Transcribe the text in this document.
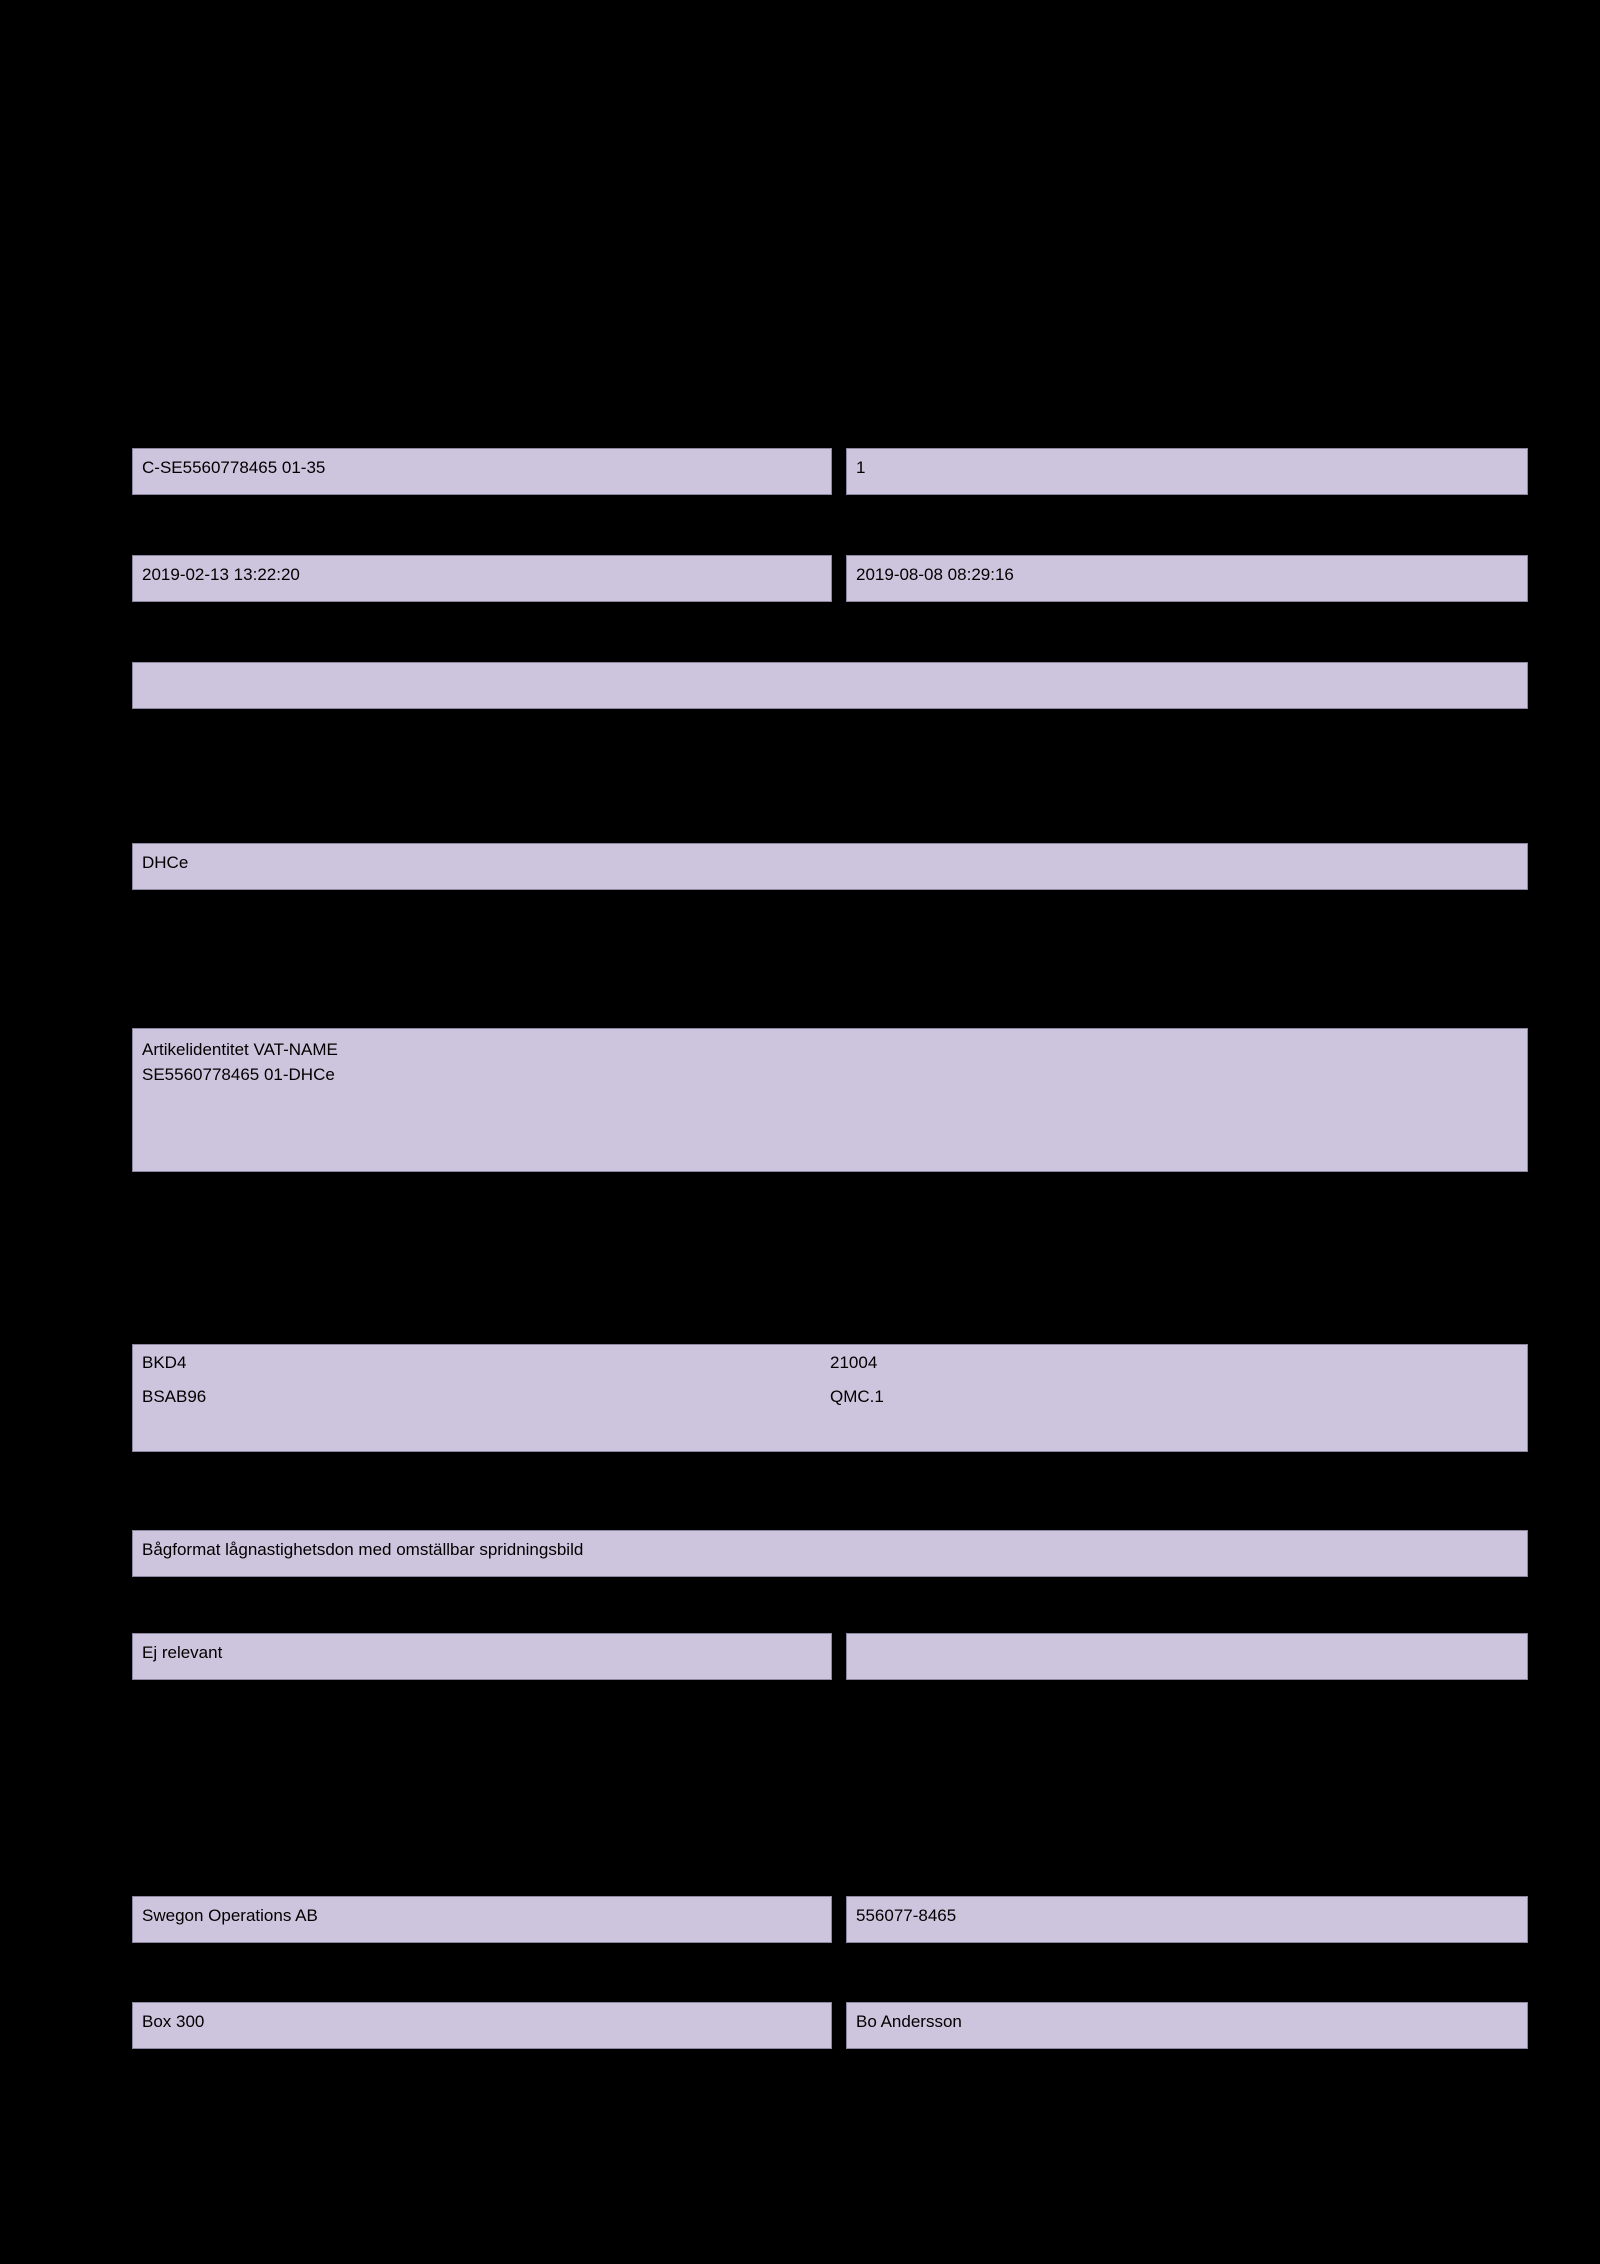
C-SE5560778465 01-35	1
2019-02-13 13:22:20	2019-08-08 08:29:16
DHCe
Artikelidentitet VAT-NAME
SE5560778465 01-DHCe
BKD4	21004
BSAB96	QMC.1
Bågformat lågnastighetsdon med omställbar spridningsbild
Ej relevant
Swegon Operations AB	556077-8465
Box 300	Bo Andersson
